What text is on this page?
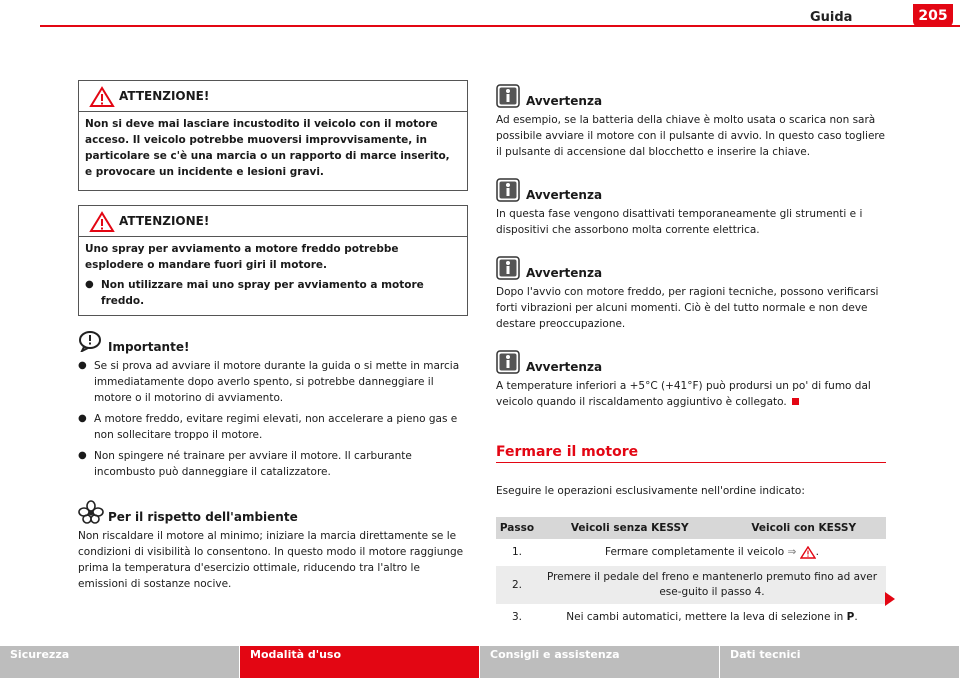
Guida	205
ATTENZIONE!

Non si deve mai lasciare incustodito il veicolo con il motore acceso. Il veicolo potrebbe muoversi improvvisamente, in particolare se c'è una marcia o un rapporto di marce inserito, e provocare un incidente e lesioni gravi.

ATTENZIONE!

Uno spray per avviamento a motore freddo potrebbe esplodere o mandare fuori giri il motore.

● Non utilizzare mai uno spray per avviamento a motore freddo.
Importante!
● Se si prova ad avviare il motore durante la guida o si mette in marcia immediatamente dopo averlo spento, si potrebbe danneggiare il motore o il motorino di avviamento.
● A motore freddo, evitare regimi elevati, non accelerare a pieno gas e non sollecitare troppo il motore.
● Non spingere né trainare per avviare il motore. Il carburante incombusto può danneggiare il catalizzatore.
Per il rispetto dell'ambiente
Non riscaldare il motore al minimo; iniziare la marcia direttamente se le condizioni di visibilità lo consentono. In questo modo il motore raggiunge prima la temperatura d'esercizio ottimale, riducendo tra l'altro le emissioni di sostanze nocive.
Avvertenza
Ad esempio, se la batteria della chiave è molto usata o scarica non sarà possibile avviare il motore con il pulsante di avvio. In questo caso togliere il pulsante di accensione dal blocchetto e inserire la chiave.
Avvertenza
In questa fase vengono disattivati temporaneamente gli strumenti e i dispositivi che assorbono molta corrente elettrica.
Avvertenza
Dopo l'avvio con motore freddo, per ragioni tecniche, possono verificarsi forti vibrazioni per alcuni momenti. Ciò è del tutto normale e non deve destare preoccupazione.
Avvertenza
A temperature inferiori a +5°C (+41°F) può prodursi un po' di fumo dal veicolo quando il riscaldamento aggiuntivo è collegato.
Fermare il motore
Eseguire le operazioni esclusivamente nell'ordine indicato:
Passo	Veicoli senza KESSY	Veicoli con KESSY
1.	Fermare completamente il veicolo ⇒ .	
2.	Premere il pedale del freno e mantenerlo premuto fino ad aver ese-guito il passo 4.	
3.	Nei cambi automatici, mettere la leva di selezione in P.	
Sicurezza	Modalità d'uso	Consigli e assistenza	Dati tecnici
